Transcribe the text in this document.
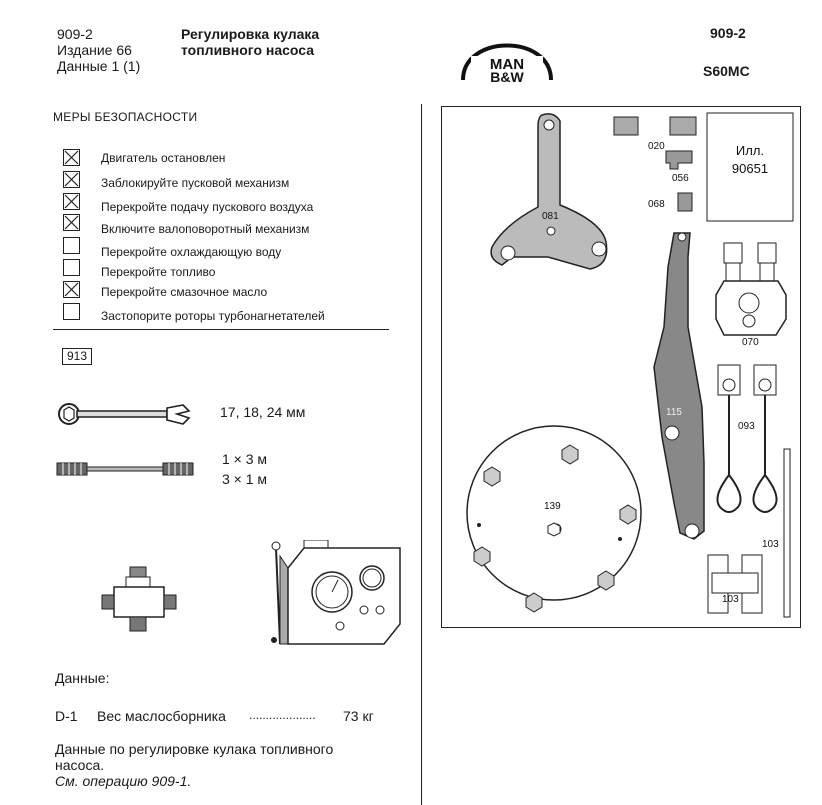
909-2
Издание 66
Данные 1 (1)
Регулировка кулака
топливного насоса
MAN
B&W
909-2
S60MC
МЕРЫ БЕЗОПАСНОСТИ
Двигатель остановлен
Заблокируйте пусковой механизм
Перекройте подачу пускового воздуха
Включите валоповоротный механизм
Перекройте охлаждающую воду
Перекройте топливо
Перекройте смазочное масло
Застопорите роторы турбонагнетателей
913
17, 18, 24 мм
1 × 3 м
3 × 1 м
Данные:
D-1 Вес маслосборника .................... 73 кг
Данные по регулировке кулака топливного
насоса.
См. операцию 909-1.
Илл.
90651
020
056
068
081
070
093
115
139
103
103
